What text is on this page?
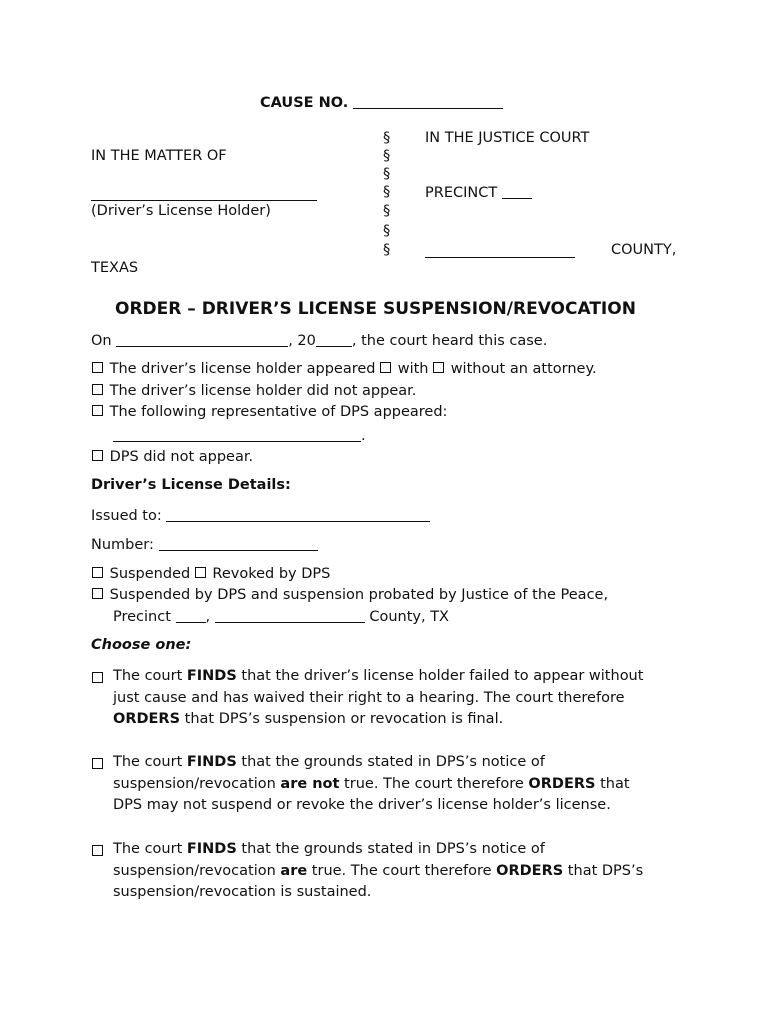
CAUSE NO.
§
§
§
§
§
§
§
IN THE JUSTICE COURT
IN THE MATTER OF
(Driver’s License Holder)
PRECINCT
COUNTY,
TEXAS
ORDER – DRIVER’S LICENSE SUSPENSION/REVOCATION
On	, 20 , the court heard this case.
The driver’s license holder appeared with without an attorney.
The driver’s license holder did not appear.
The following representative of DPS appeared:
.
DPS did not appear.
Driver’s License Details:
Issued to:
Number:
Suspended Revoked by DPS
Suspended by DPS and suspension probated by Justice of the Peace,
Precinct ,	County, TX
Choose one:
The court FINDS that the driver’s license holder failed to appear without just cause and has waived their right to a hearing. The court therefore ORDERS that DPS’s suspension or revocation is final.
The court FINDS that the grounds stated in DPS’s notice of suspension/revocation are not true. The court therefore ORDERS that DPS may not suspend or revoke the driver’s license holder’s license.
The court FINDS that the grounds stated in DPS’s notice of suspension/revocation are true. The court therefore ORDERS that DPS’s suspension/revocation is sustained.
